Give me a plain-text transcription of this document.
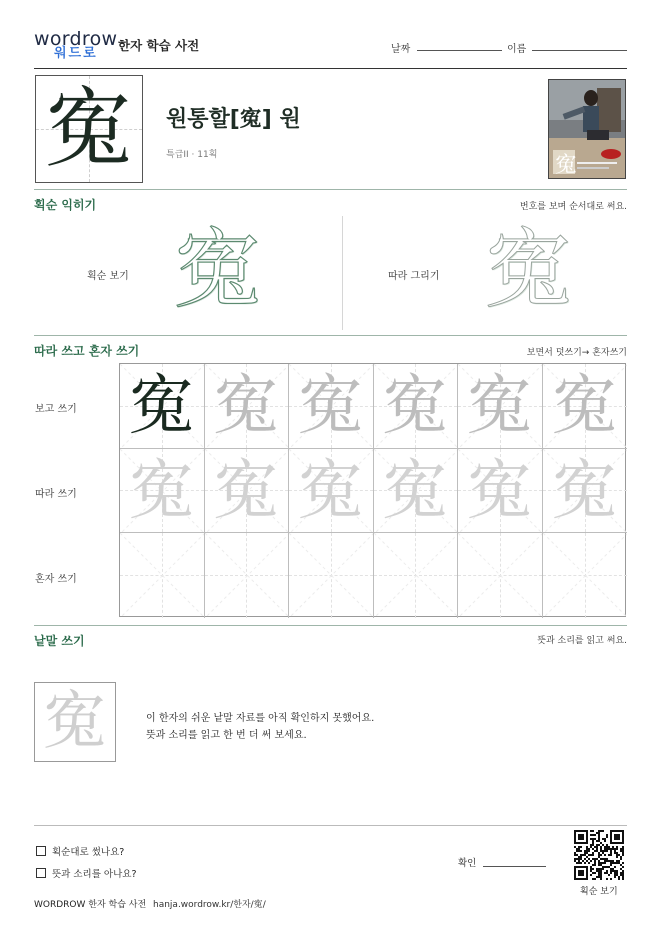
wordrow
워드로
한자 학습 사전	날짜	이름
寃	원통할[寃] 원
특급II · 11획	寃
획순 익히기	번호를 보며 순서대로 써요.
획순 보기 寃	따라 그리기 寃
따라 쓰고 혼자 쓰기	보면서 덧쓰기→ 혼자쓰기
보고 쓰기
따라 쓰기
혼자 쓰기
寃 寃 寃 寃 寃 寃
寃 寃 寃 寃 寃 寃
낱말 쓰기	뜻과 소리를 읽고 써요.
寃	이 한자의 쉬운 낱말 자료를 아직 확인하지 못했어요.
뜻과 소리를 읽고 한 번 더 써 보세요.
획순대로 썼나요?
뜻과 소리를 아나요?
확인
획순 보기
WORDROW 한자 학습 사전 hanja.wordrow.kr/한자/寃/
